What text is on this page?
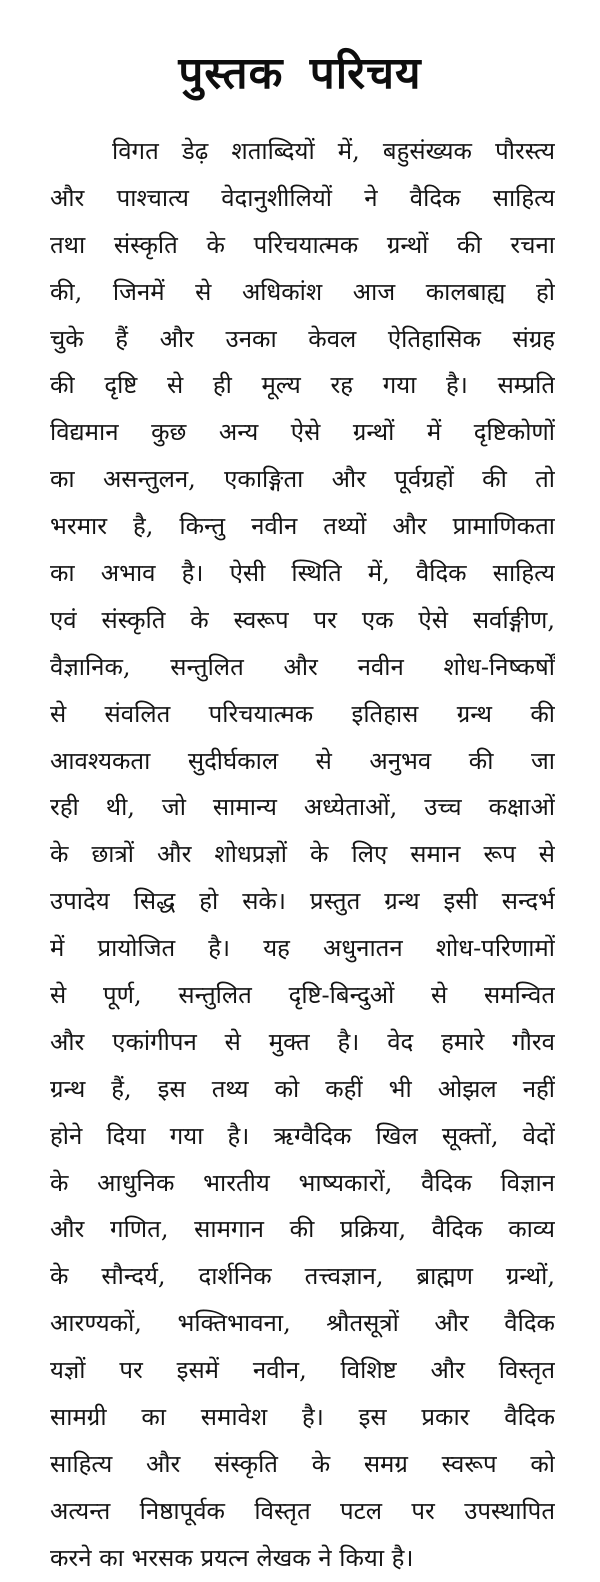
पुस्तक परिचय
विगत डेढ़ शताब्दियों में, बहुसंख्यक पौरस्त्य
और पाश्चात्य वेदानुशीलियों ने वैदिक साहित्य
तथा संस्कृति के परिचयात्मक ग्रन्थों की रचना
की, जिनमें से अधिकांश आज कालबाह्य हो
चुके हैं और उनका केवल ऐतिहासिक संग्रह
की दृष्टि से ही मूल्य रह गया है। सम्प्रति
विद्यमान कुछ अन्य ऐसे ग्रन्थों में दृष्टिकोणों
का असन्तुलन, एकाङ्गिता और पूर्वग्रहों की तो
भरमार है, किन्तु नवीन तथ्यों और प्रामाणिकता
का अभाव है। ऐसी स्थिति में, वैदिक साहित्य
एवं संस्कृति के स्वरूप पर एक ऐसे सर्वाङ्गीण,
वैज्ञानिक, सन्तुलित और नवीन शोध-निष्कर्षों
से संवलित परिचयात्मक इतिहास ग्रन्थ की
आवश्यकता सुदीर्घकाल से अनुभव की जा
रही थी, जो सामान्य अध्येताओं, उच्च कक्षाओं
के छात्रों और शोधप्रज्ञों के लिए समान रूप से
उपादेय सिद्ध हो सके। प्रस्तुत ग्रन्थ इसी सन्दर्भ
में प्रायोजित है। यह अधुनातन शोध-परिणामों
से पूर्ण, सन्तुलित दृष्टि-बिन्दुओं से समन्वित
और एकांगीपन से मुक्त है। वेद हमारे गौरव
ग्रन्थ हैं, इस तथ्य को कहीं भी ओझल नहीं
होने दिया गया है। ऋग्वैदिक खिल सूक्तों, वेदों
के आधुनिक भारतीय भाष्यकारों, वैदिक विज्ञान
और गणित, सामगान की प्रक्रिया, वैदिक काव्य
के सौन्दर्य, दार्शनिक तत्त्वज्ञान, ब्राह्मण ग्रन्थों,
आरण्यकों, भक्तिभावना, श्रौतसूत्रों और वैदिक
यज्ञों पर इसमें नवीन, विशिष्ट और विस्तृत
सामग्री का समावेश है। इस प्रकार वैदिक
साहित्य और संस्कृति के समग्र स्वरूप को
अत्यन्त निष्ठापूर्वक विस्तृत पटल पर उपस्थापित
करने का भरसक प्रयत्न लेखक ने किया है।
